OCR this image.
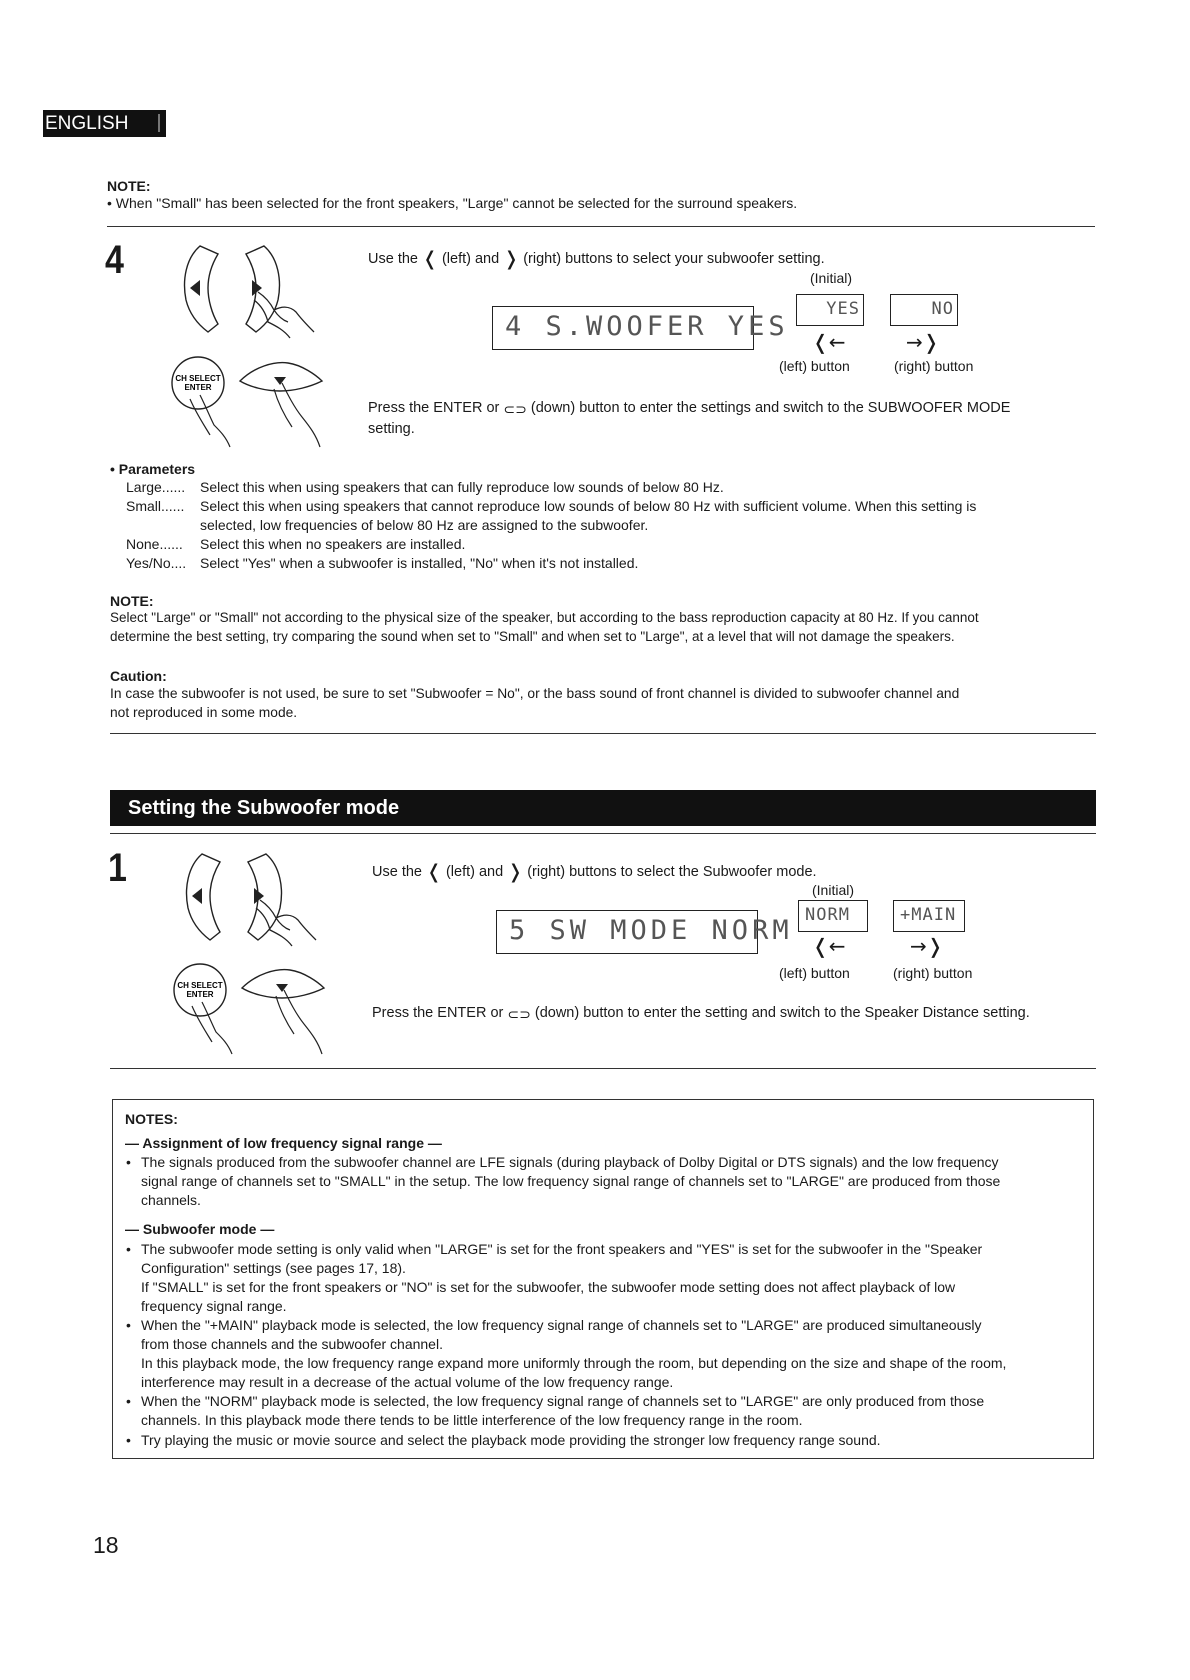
ENGLISH
NOTE:
• When "Small" has been selected for the front speakers, "Large" cannot be selected for the surround speakers.
4
CH SELECT
ENTER
Use the ❬ (left) and ❭ (right) buttons to select your subwoofer setting.
(Initial)
4 S.WOOFER YES
YES	NO
❬←	→❭
(left) button	(right) button
Press the ENTER or ⊂⊃ (down) button to enter the settings and switch to the SUBWOOFER MODE
setting.
• Parameters
Large......	Select this when using speakers that can fully reproduce low sounds of below 80 Hz.
Small......	Select this when using speakers that cannot reproduce low sounds of below 80 Hz with sufficient volume. When this setting is
selected, low frequencies of below 80 Hz are assigned to the subwoofer.
None......	Select this when no speakers are installed.
Yes/No.... Select "Yes" when a subwoofer is installed, "No" when it's not installed.
NOTE:
Select "Large" or "Small" not according to the physical size of the speaker, but according to the bass reproduction capacity at 80 Hz. If you cannot
determine the best setting, try comparing the sound when set to "Small" and when set to "Large", at a level that will not damage the speakers.
Caution:
In case the subwoofer is not used, be sure to set "Subwoofer = No", or the bass sound of front channel is divided to subwoofer channel and
not reproduced in some mode.
Setting the Subwoofer mode
1
CH SELECT
ENTER
Use the ❬ (left) and ❭ (right) buttons to select the Subwoofer mode.
(Initial)
5 SW MODE NORM NORM	+MAIN
❬←	→❭
(left) button	(right) button
Press the ENTER or ⊂⊃ (down) button to enter the setting and switch to the Speaker Distance setting.
NOTES:
— Assignment of low frequency signal range —
• The signals produced from the subwoofer channel are LFE signals (during playback of Dolby Digital or DTS signals) and the low frequency
signal range of channels set to "SMALL" in the setup. The low frequency signal range of channels set to "LARGE" are produced from those
channels.
— Subwoofer mode —
• The subwoofer mode setting is only valid when "LARGE" is set for the front speakers and "YES" is set for the subwoofer in the "Speaker
Configuration" settings (see pages 17, 18).
If "SMALL" is set for the front speakers or "NO" is set for the subwoofer, the subwoofer mode setting does not affect playback of low
frequency signal range.
• When the "+MAIN" playback mode is selected, the low frequency signal range of channels set to "LARGE" are produced simultaneously
from those channels and the subwoofer channel.
In this playback mode, the low frequency range expand more uniformly through the room, but depending on the size and shape of the room,
interference may result in a decrease of the actual volume of the low frequency range.
• When the "NORM" playback mode is selected, the low frequency signal range of channels set to "LARGE" are only produced from those
channels. In this playback mode there tends to be little interference of the low frequency range in the room.
• Try playing the music or movie source and select the playback mode providing the stronger low frequency range sound.
18
